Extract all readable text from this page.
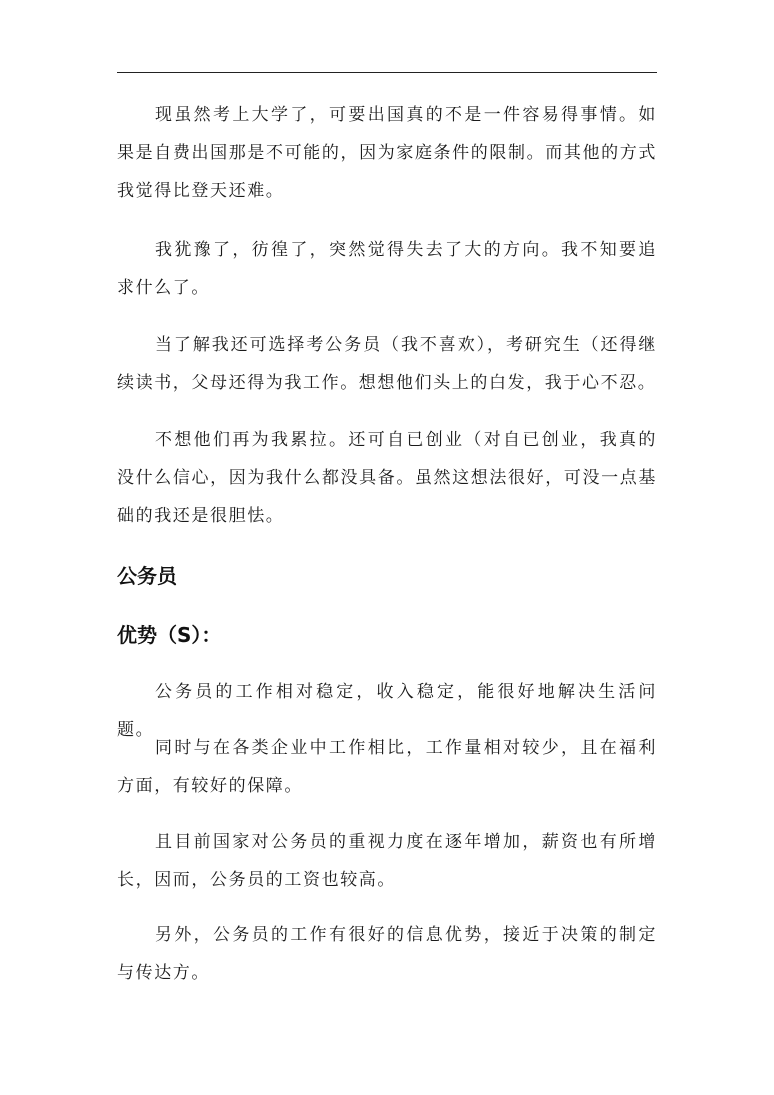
现虽然考上大学了，可要出国真的不是一件容易得事情。如果是自费出国那是不可能的，因为家庭条件的限制。而其他的方式我觉得比登天还难。

我犹豫了，彷徨了，突然觉得失去了大的方向。我不知要追求什么了。

当了解我还可选择考公务员（我不喜欢），考研究生（还得继续读书，父母还得为我工作。想想他们头上的白发，我于心不忍。

不想他们再为我累拉。还可自已创业（对自已创业，我真的没什么信心，因为我什么都没具备。虽然这想法很好，可没一点基础的我还是很胆怯。

公务员
优势（S）：

公务员的工作相对稳定，收入稳定，能很好地解决生活问题。

同时与在各类企业中工作相比，工作量相对较少，且在福利方面，有较好的保障。

且目前国家对公务员的重视力度在逐年增加，薪资也有所增长，因而，公务员的工资也较高。

另外，公务员的工作有很好的信息优势，接近于决策的制定与传达方。
